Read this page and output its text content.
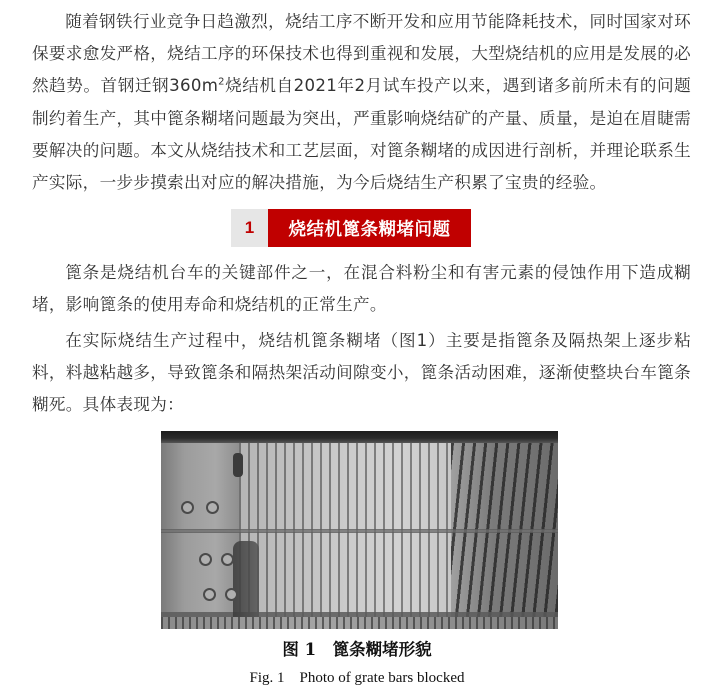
随着钢铁行业竞争日趋激烈，烧结工序不断开发和应用节能降耗技术，同时国家对环保要求愈发严格，烧结工序的环保技术也得到重视和发展，大型烧结机的应用是发展的必然趋势。首钢迁钢$360m^2$烧结机自2021年2月试车投产以来，遇到诸多前所未有的问题制约着生产，其中篦条糊堵问题最为突出，严重影响烧结矿的产量、质量，是迫在眉睫需要解决的问题。本文从烧结技术和工艺层面，对篦条糊堵的成因进行剖析，并理论联系生产实际，一步步摸索出对应的解决措施，为今后烧结生产积累了宝贵的经验。

1	烧结机篦条糊堵问题

篦条是烧结机台车的关键部件之一，在混合料粉尘和有害元素的侵蚀作用下造成糊堵，影响篦条的使用寿命和烧结机的正常生产。

在实际烧结生产过程中，烧结机篦条糊堵（图1）主要是指篦条及隔热架上逐步粘料，料越粘越多，导致篦条和隔热架活动间隙变小，篦条活动困难，逐渐使整块台车篦条糊死。具体表现为：

图 1　篦条糊堵形貌
Fig. 1　Photo of grate bars blocked
